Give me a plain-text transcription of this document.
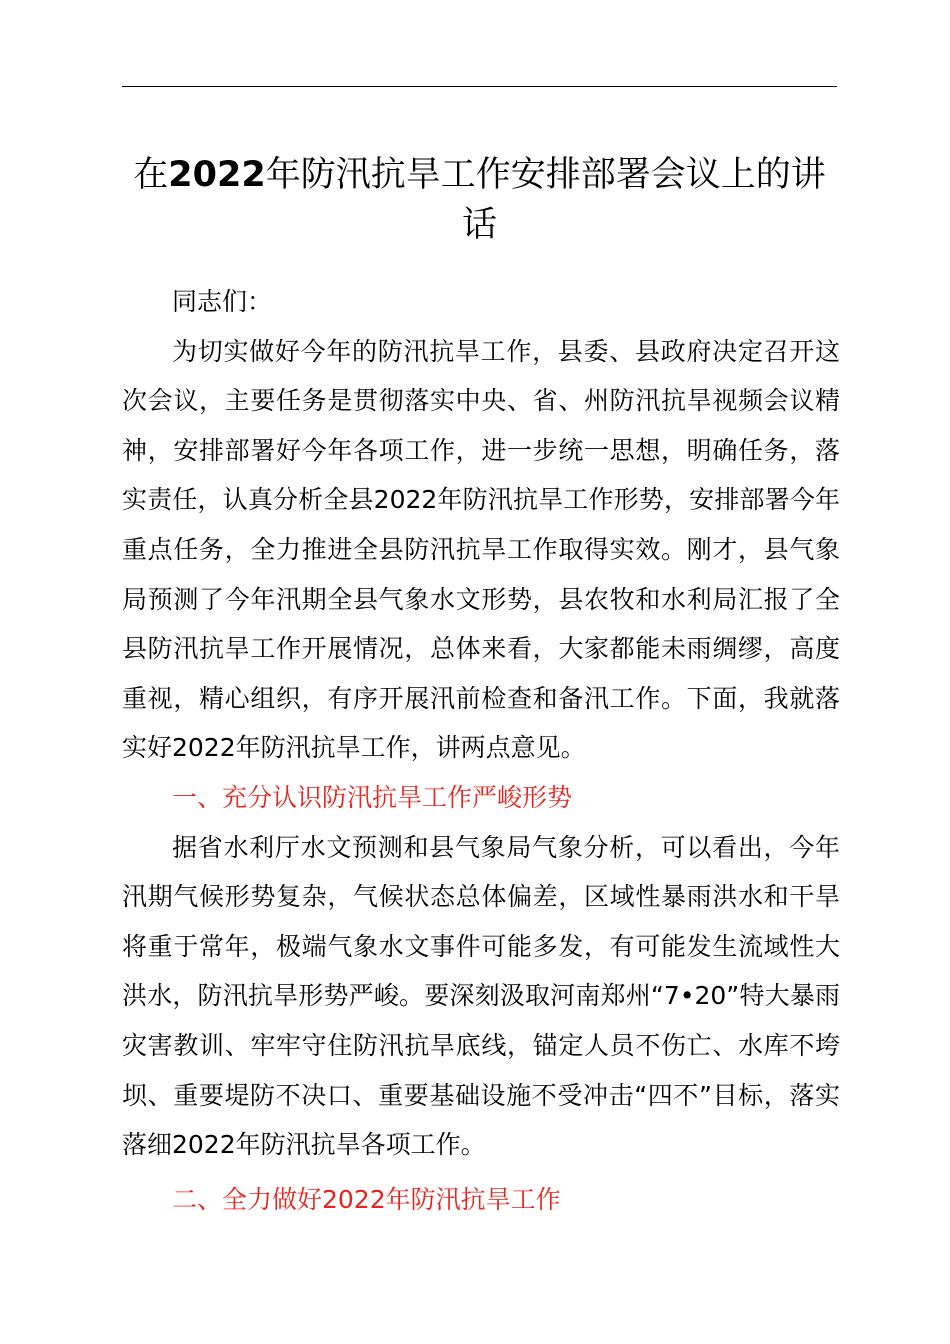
在2022年防汛抗旱工作安排部署会议上的讲话

同志们：

为切实做好今年的防汛抗旱工作，县委、县政府决定召开这次会议，主要任务是贯彻落实中央、省、州防汛抗旱视频会议精神，安排部署好今年各项工作，进一步统一思想，明确任务，落实责任，认真分析全县2022年防汛抗旱工作形势，安排部署今年重点任务，全力推进全县防汛抗旱工作取得实效。刚才，县气象局预测了今年汛期全县气象水文形势，县农牧和水利局汇报了全县防汛抗旱工作开展情况，总体来看，大家都能未雨绸缪，高度重视，精心组织，有序开展汛前检查和备汛工作。下面，我就落实好2022年防汛抗旱工作，讲两点意见。

一、充分认识防汛抗旱工作严峻形势

据省水利厅水文预测和县气象局气象分析，可以看出，今年汛期气候形势复杂，气候状态总体偏差，区域性暴雨洪水和干旱将重于常年，极端气象水文事件可能多发，有可能发生流域性大洪水，防汛抗旱形势严峻。要深刻汲取河南郑州“7•20”特大暴雨灾害教训、牢牢守住防汛抗旱底线，锚定人员不伤亡、水库不垮坝、重要堤防不决口、重要基础设施不受冲击“四不”目标，落实落细2022年防汛抗旱各项工作。

二、全力做好2022年防汛抗旱工作
